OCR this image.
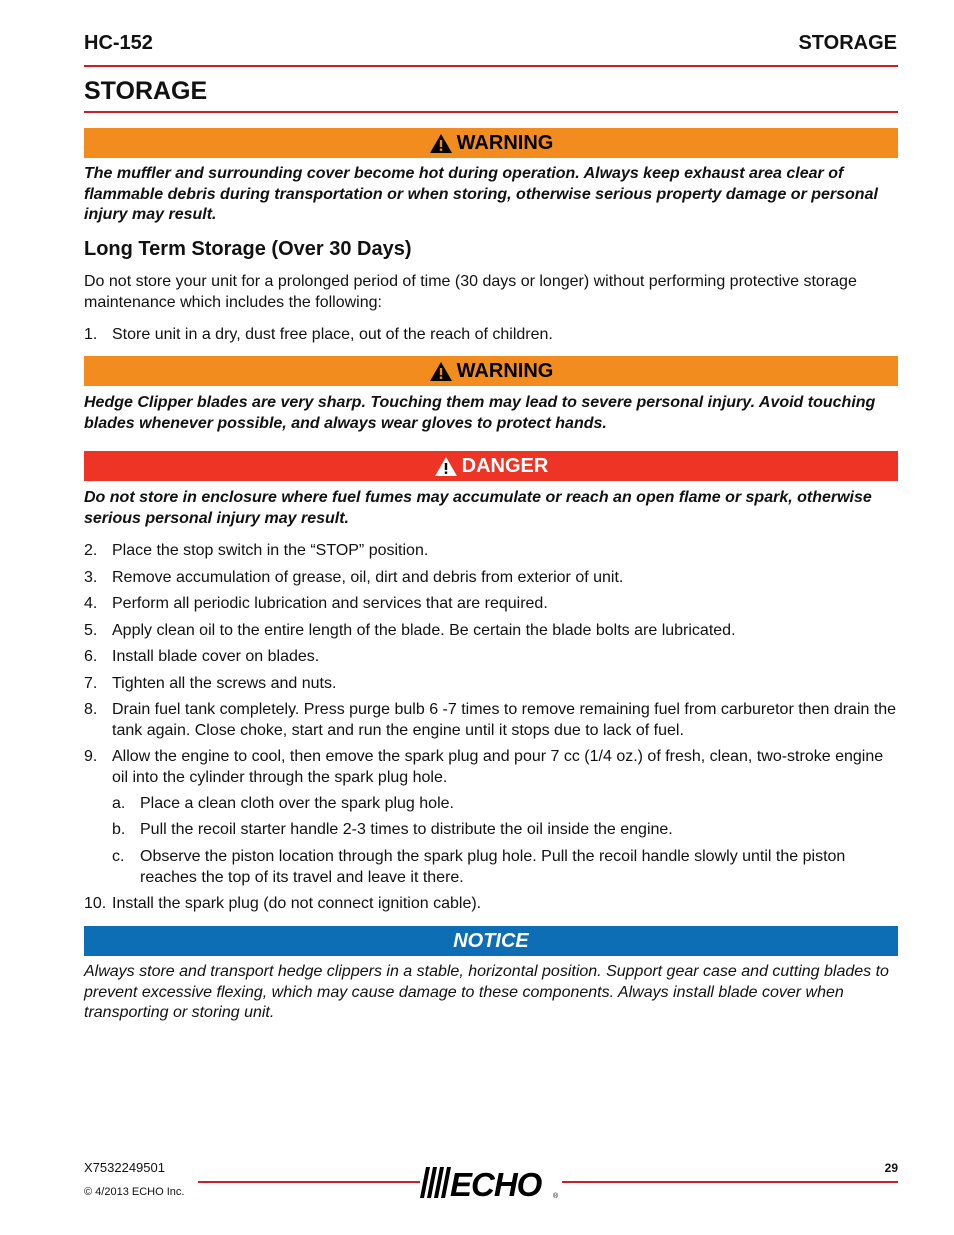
HC-152	STORAGE
STORAGE
WARNING
The muffler and surrounding cover become hot during operation. Always keep exhaust area clear of flammable debris during transportation or when storing, otherwise serious property damage or personal injury may result.
Long Term Storage (Over 30 Days)
Do not store your unit for a prolonged period of time (30 days or longer) without performing protective storage maintenance which includes the following:
1. Store unit in a dry, dust free place, out of the reach of children.
WARNING
Hedge Clipper blades are very sharp. Touching them may lead to severe personal injury. Avoid touching blades whenever possible, and always wear gloves to protect hands.
DANGER
Do not store in enclosure where fuel fumes may accumulate or reach an open flame or spark, otherwise serious personal injury may result.
2. Place the stop switch in the “STOP” position.
3. Remove accumulation of grease, oil, dirt and debris from exterior of unit.
4. Perform all periodic lubrication and services that are required.
5. Apply clean oil to the entire length of the blade. Be certain the blade bolts are lubricated.
6. Install blade cover on blades.
7. Tighten all the screws and nuts.
8. Drain fuel tank completely. Press purge bulb 6 -7 times to remove remaining fuel from carburetor then drain the tank again. Close choke, start and run the engine until it stops due to lack of fuel.
9. Allow the engine to cool, then emove the spark plug and pour 7 cc (1/4 oz.) of fresh, clean, two-stroke engine oil into the cylinder through the spark plug hole.
a. Place a clean cloth over the spark plug hole.
b. Pull the recoil starter handle 2-3 times to distribute the oil inside the engine.
c. Observe the piston location through the spark plug hole. Pull the recoil handle slowly until the piston reaches the top of its travel and leave it there.
10. Install the spark plug (do not connect ignition cable).
NOTICE
Always store and transport hedge clippers in a stable, horizontal position. Support gear case and cutting blades to prevent excessive flexing, which may cause damage to these components. Always install blade cover when transporting or storing unit.
X7532249501
© 4/2013 ECHO Inc.
29
ECHO ®
